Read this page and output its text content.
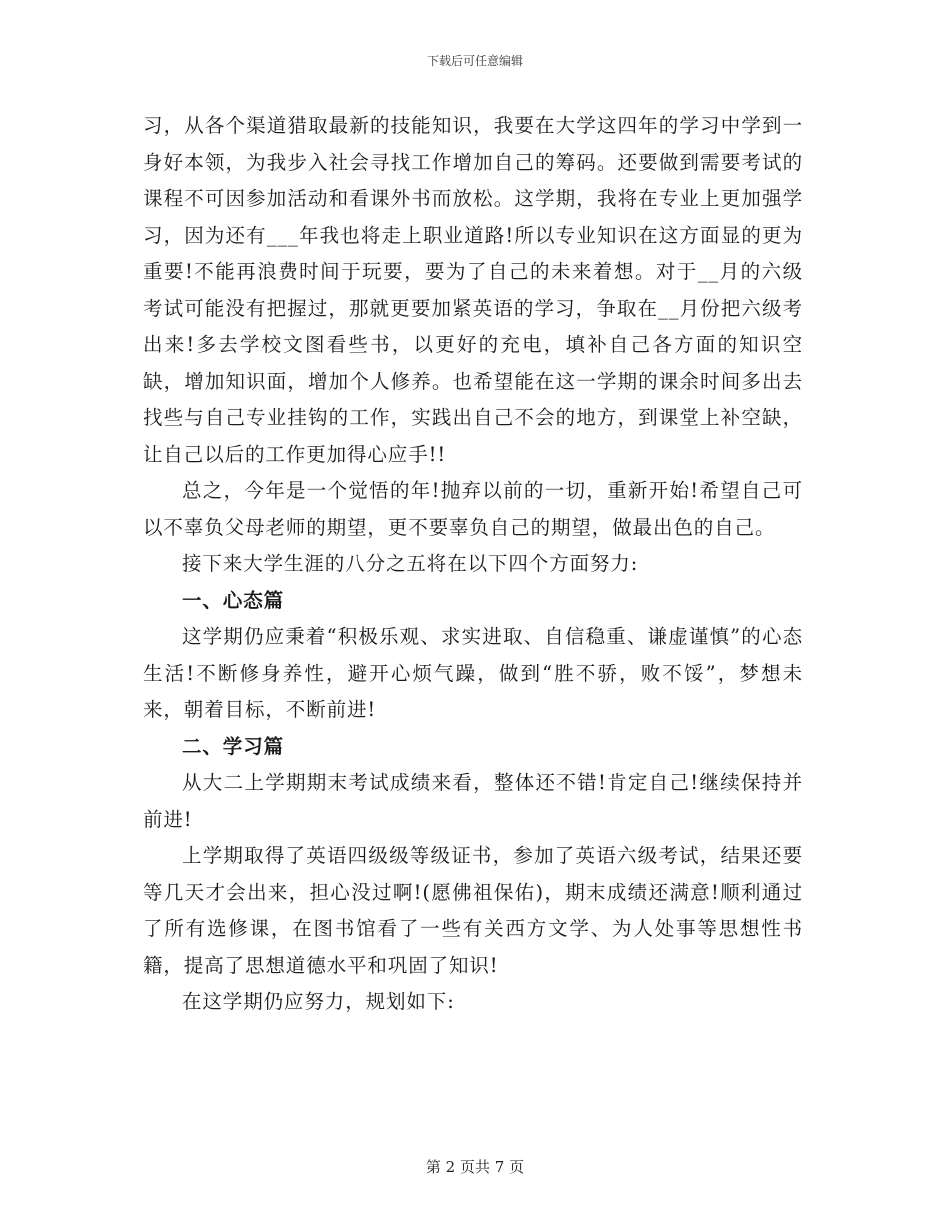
下载后可任意编辑

习，从各个渠道猎取最新的技能知识，我要在大学这四年的学习中学到一身好本领，为我步入社会寻找工作增加自己的筹码。还要做到需要考试的课程不可因参加活动和看课外书而放松。这学期，我将在专业上更加强学习，因为还有___年我也将走上职业道路!所以专业知识在这方面显的更为重要!不能再浪费时间于玩要，要为了自己的未来着想。对于__月的六级考试可能没有把握过，那就更要加紧英语的学习，争取在__月份把六级考出来!多去学校文图看些书，以更好的充电，填补自己各方面的知识空缺，增加知识面，增加个人修养。也希望能在这一学期的课余时间多出去找些与自己专业挂钩的工作，实践出自己不会的地方，到课堂上补空缺，让自己以后的工作更加得心应手!!

总之，今年是一个觉悟的年!抛弃以前的一切，重新开始!希望自己可以不辜负父母老师的期望，更不要辜负自己的期望，做最出色的自己。

接下来大学生涯的八分之五将在以下四个方面努力:

一、心态篇

这学期仍应秉着“积极乐观、求实进取、自信稳重、谦虚谨慎”的心态生活!不断修身养性，避开心烦气躁，做到“胜不骄，败不馁”，梦想未来，朝着目标，不断前进!

二、学习篇

从大二上学期期末考试成绩来看，整体还不错!肯定自己!继续保持并前进!

上学期取得了英语四级级等级证书，参加了英语六级考试，结果还要等几天才会出来，担心没过啊!(愿佛祖保佑)，期末成绩还满意!顺利通过了所有选修课，在图书馆看了一些有关西方文学、为人处事等思想性书籍，提高了思想道德水平和巩固了知识!

在这学期仍应努力，规划如下:

第 2 页共 7 页
